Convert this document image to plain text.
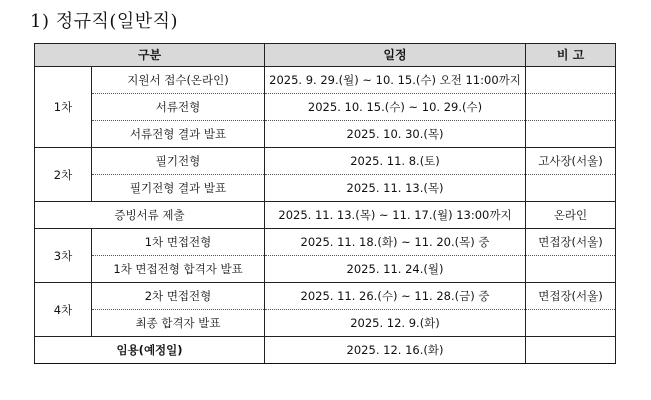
1) 정규직(일반직)
구분		일정	비 고
1차	지원서 접수(온라인)	2025. 9. 29.(월) ~ 10. 15.(수) 오전 11:00까지	
	서류전형	2025. 10. 15.(수) ~ 10. 29.(수)	
	서류전형 결과 발표	2025. 10. 30.(목)	
2차	필기전형	2025. 11. 8.(토)	고사장(서울)
	필기전형 결과 발표	2025. 11. 13.(목)	
증빙서류 제출		2025. 11. 13.(목) ~ 11. 17.(월) 13:00까지	온라인
3차	1차 면접전형	2025. 11. 18.(화) ~ 11. 20.(목) 중	면접장(서울)
	1차 면접전형 합격자 발표	2025. 11. 24.(월)	
4차	2차 면접전형	2025. 11. 26.(수) ~ 11. 28.(금) 중	면접장(서울)
	최종 합격자 발표	2025. 12. 9.(화)	
임용(예정일)		2025. 12. 16.(화)	
